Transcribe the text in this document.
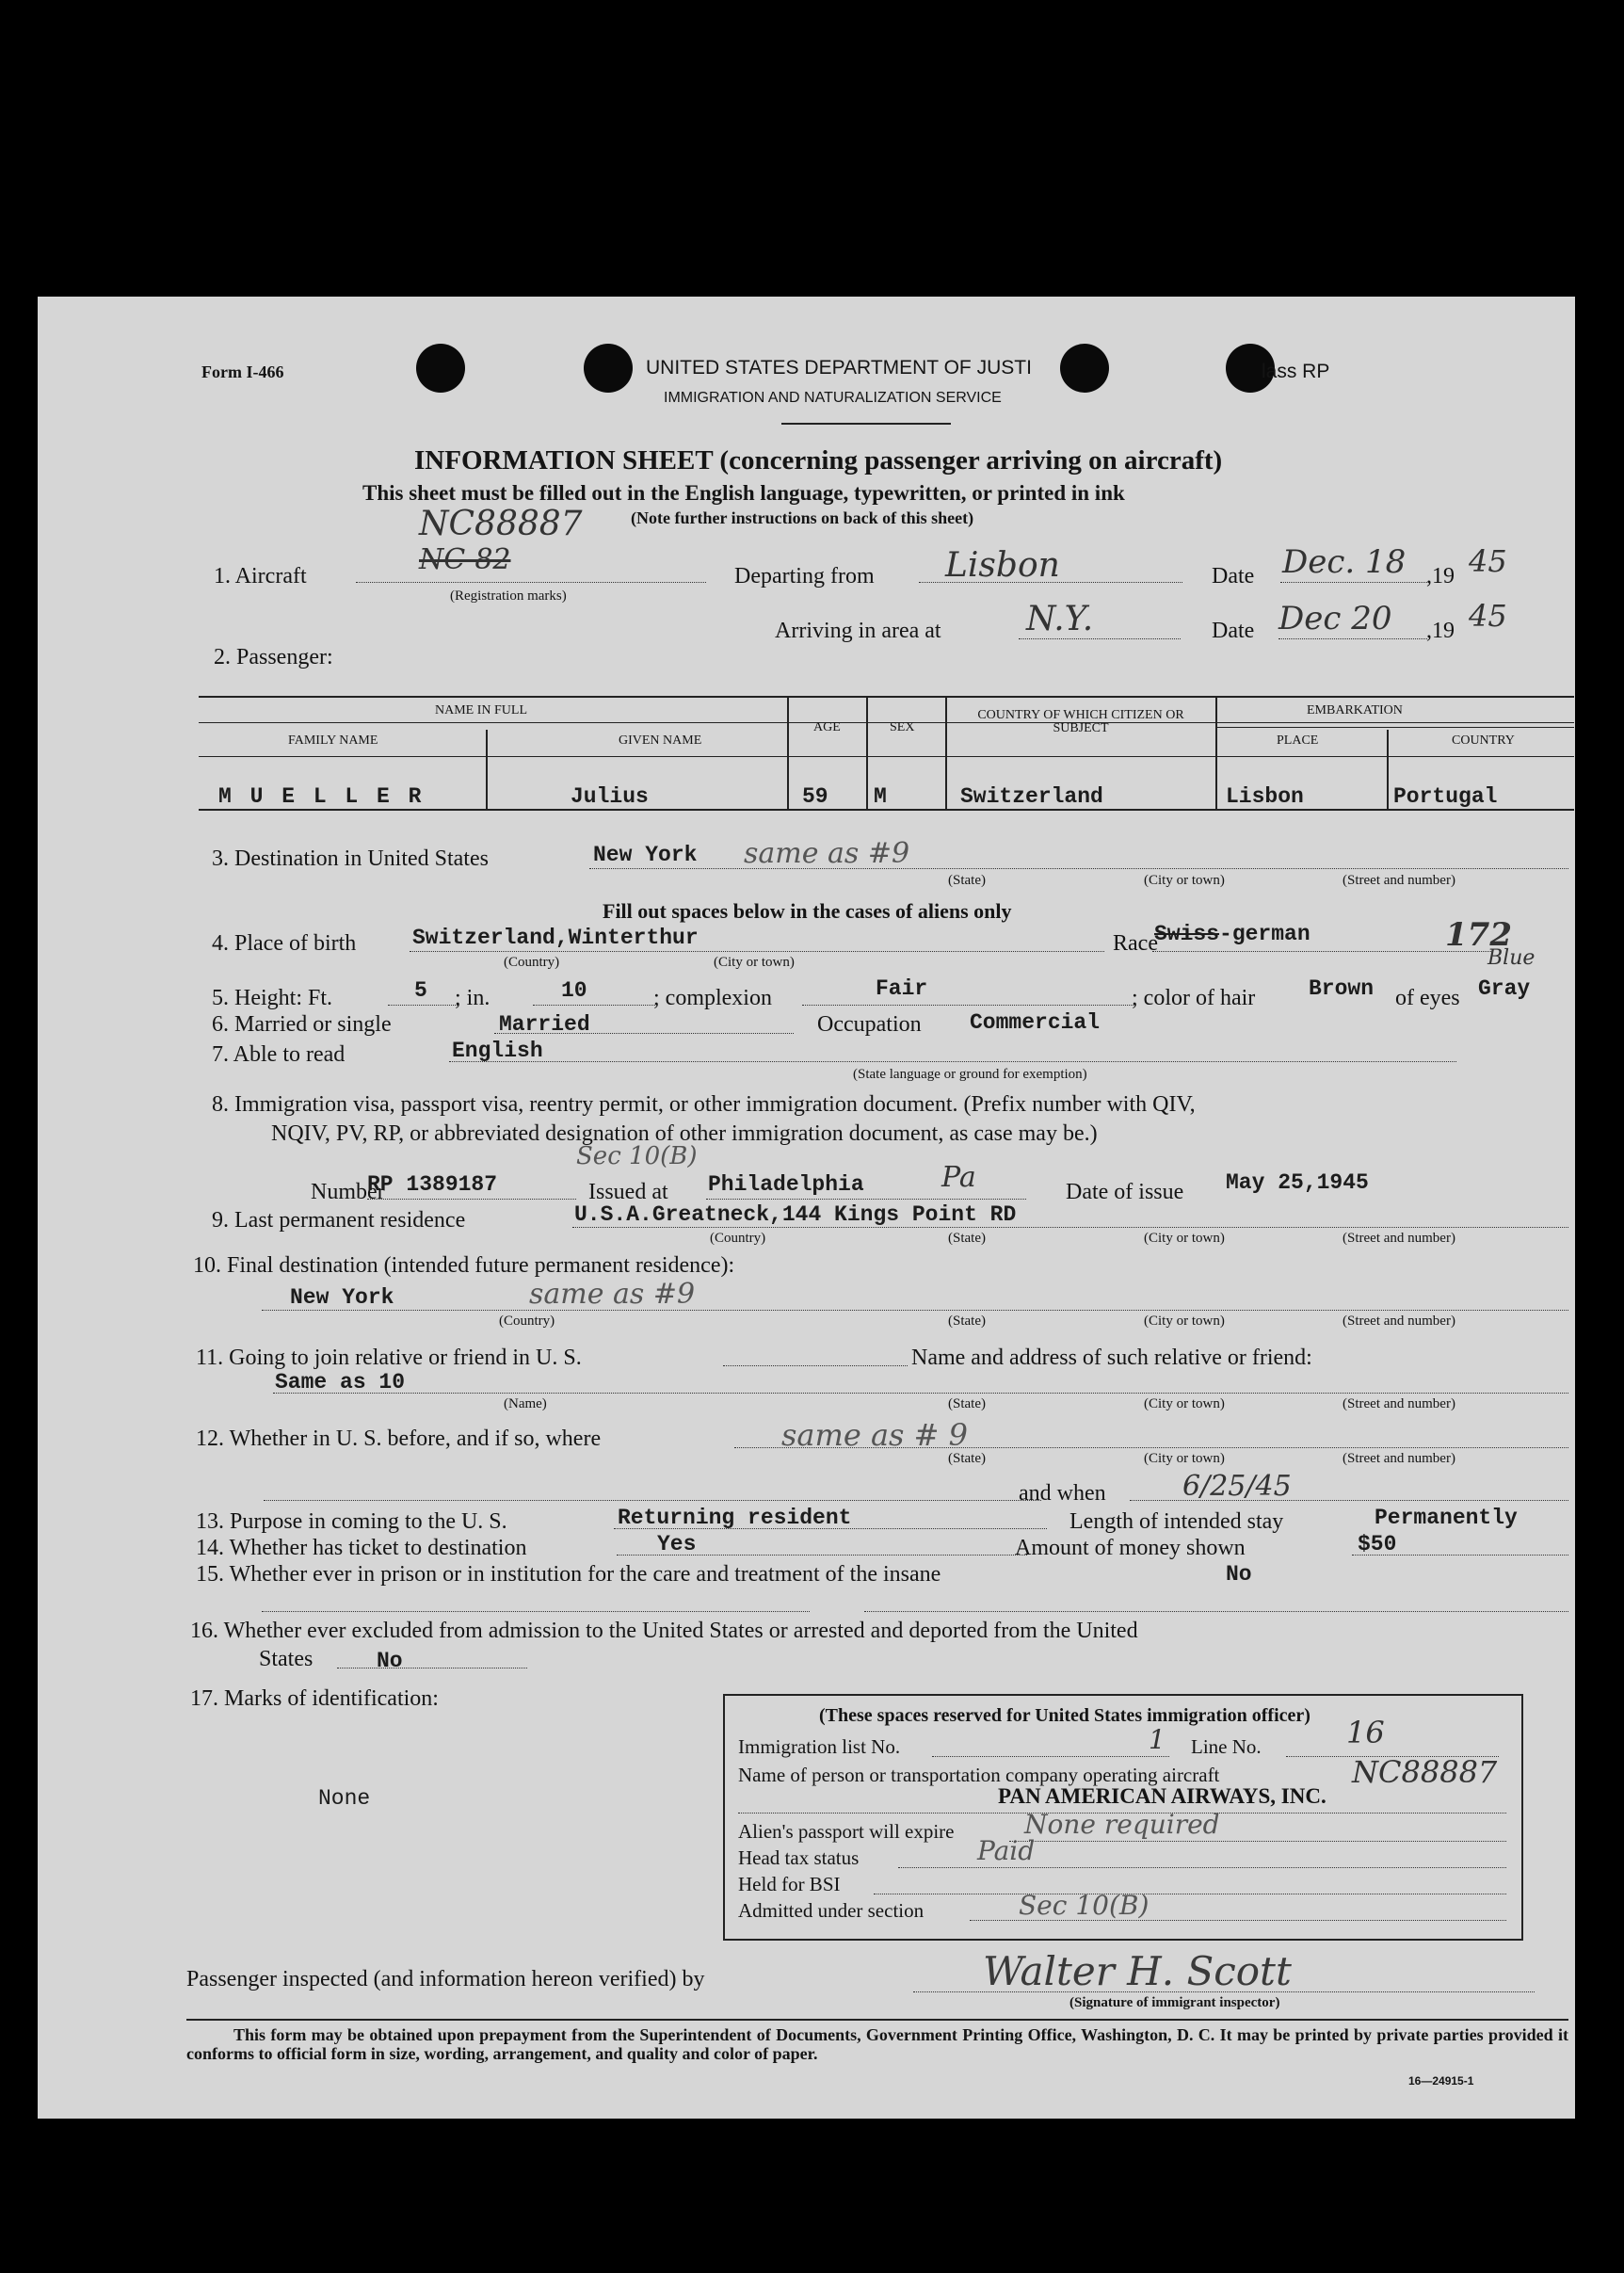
Form I-466	UNITED STATES DEPARTMENT OF JUSTI
IMMIGRATION AND NATURALIZATION SERVICE
lass RP
INFORMATION SHEET (concerning passenger arriving on aircraft)
This sheet must be filled out in the English language, typewritten, or printed in ink
(Note further instructions on back of this sheet)
1. Aircraft
NC88887
NC-82
(Registration marks)
Departing from Lisbon	Date Dec. 18 ,19 45
Arriving in area at	N.Y.	Date Dec 20 ,19 45
2. Passenger:
NAME IN FULL
FAMILY NAME	GIVEN NAME
AGE	SEX
COUNTRY OF WHICH CITIZEN OR SUBJECT
EMBARKATION
PLACE	COUNTRY
M U E L L E R	Julius	59 M	Switzerland	Lisbon	Portugal
3. Destination in United States	New York same as #9
(State)	(City or town)	(Street and number)
Fill out spaces below in the cases of aliens only
4. Place of birth	Switzerland,Winterthur
(Country)	(City or town)
Race
Swiss-german	172
5. Height: Ft.	5 ; in.	10	; complexion	Fair	; color of hair Brown of eyes
Blue
Gray
6. Married or single	Married	Occupation Commercial
7. Able to read	English
(State language or ground for exemption)
8. Immigration visa, passport visa, reentry permit, or other immigration document. (Prefix number with QIV,
NQIV, PV, RP, or abbreviated designation of other immigration document, as case may be.)
Sec 10(B)
Number
RP 1389187	Issued at Philadelphia	Pa	Date of issue May 25,1945
9. Last permanent residence	U.S.A.Greatneck,144 Kings Point RD
(Country)	(State)	(City or town)	(Street and number)
10. Final destination (intended future permanent residence):
New York	same as #9
(Country)	(State)	(City or town)	(Street and number)
11. Going to join relative or friend in U. S.	Name and address of such relative or friend:
Same as 10
(Name)	(State)	(City or town)	(Street and number)
12. Whether in U. S. before, and if so, where	same as # 9
(State)	(City or town)	(Street and number)
and when	6/25/45
13. Purpose in coming to the U. S.	Returning resident	Length of intended stay	Permanently
14. Whether has ticket to destination	Yes	Amount of money shown	$50
15. Whether ever in prison or in institution for the care and treatment of the insane	No
16. Whether ever excluded from admission to the United States or arrested and deported from the United
States	No
17. Marks of identification:
None
(These spaces reserved for United States immigration officer)
Immigration list No.	1 Line No.	16
Name of person or transportation company operating aircraft	NC88887
PAN AMERICAN AIRWAYS, INC.
Alien's passport will expire	None required
Head tax status	Paid
Held for BSI
Admitted under section	Sec 10(B)
Passenger inspected (and information hereon verified) by	Walter H. Scott
(Signature of immigrant inspector)
This form may be obtained upon prepayment from the Superintendent of Documents, Government Printing Office, Washington, D. C. It may be printed by private parties provided it conforms to official form in size, wording, arrangement, and quality and color of paper.
16—24915-1
